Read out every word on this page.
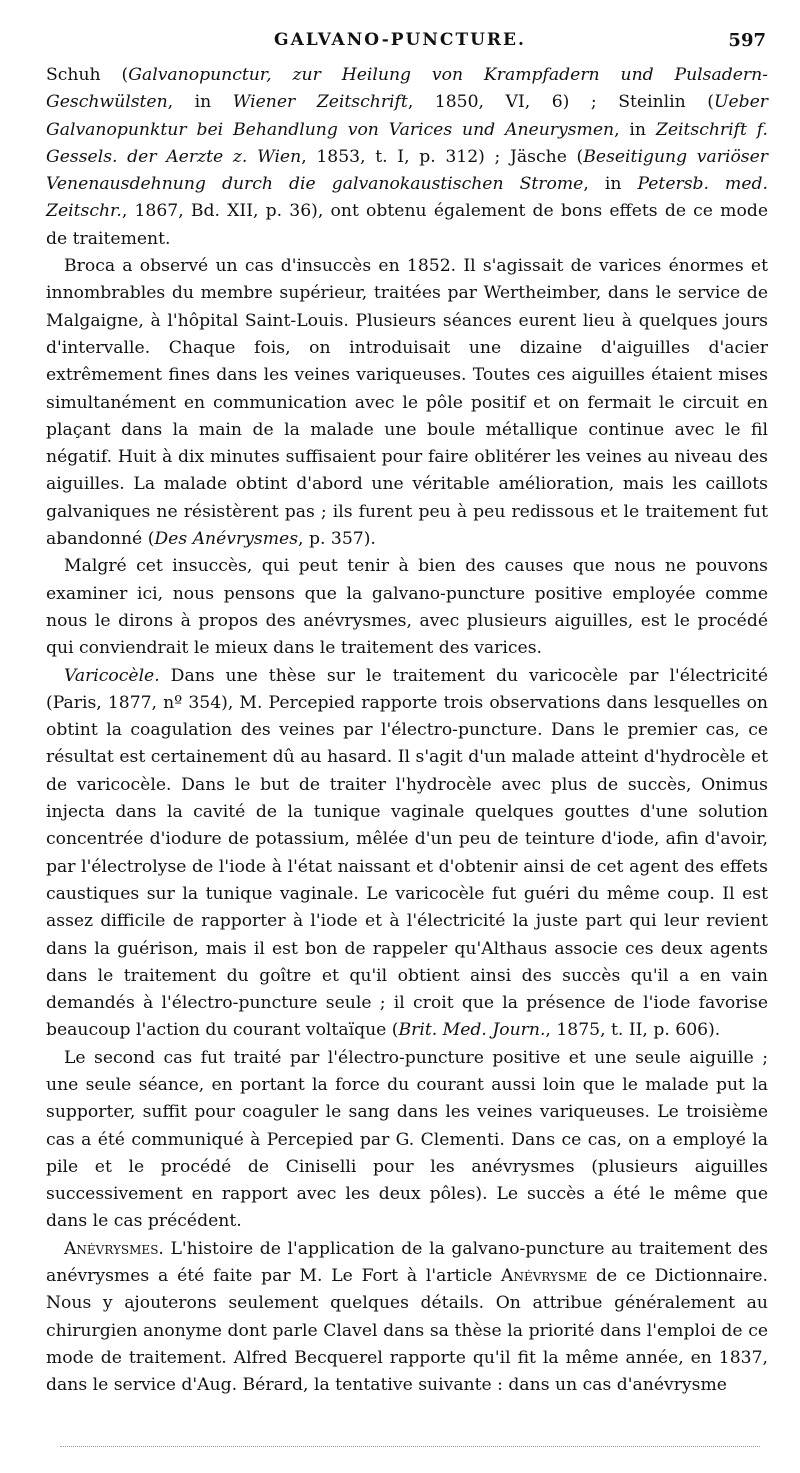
GALVANO-PUNCTURE.	597

Schuh (Galvanopunctur, zur Heilung von Krampfadern und Pulsadern-Geschwülsten, in Wiener Zeitschrift, 1850, VI, 6) ; Steinlin (Ueber Galvanopunktur bei Behandlung von Varices und Aneurysmen, in Zeitschrift f. Gessels. der Aerzte z. Wien, 1853, t. I, p. 312) ; Jäsche (Beseitigung variöser Venenausdehnung durch die galvanokaustischen Strome, in Petersb. med. Zeitschr., 1867, Bd. XII, p. 36), ont obtenu également de bons effets de ce mode de traitement.

Broca a observé un cas d'insuccès en 1852. Il s'agissait de varices énormes et innombrables du membre supérieur, traitées par Wertheimber, dans le service de Malgaigne, à l'hôpital Saint-Louis. Plusieurs séances eurent lieu à quelques jours d'intervalle. Chaque fois, on introduisait une dizaine d'aiguilles d'acier extrêmement fines dans les veines variqueuses. Toutes ces aiguilles étaient mises simultanément en communication avec le pôle positif et on fermait le circuit en plaçant dans la main de la malade une boule métallique continue avec le fil négatif. Huit à dix minutes suffisaient pour faire oblitérer les veines au niveau des aiguilles. La malade obtint d'abord une véritable amélioration, mais les caillots galvaniques ne résistèrent pas ; ils furent peu à peu redissous et le traitement fut abandonné (Des Anévrysmes, p. 357).

Malgré cet insuccès, qui peut tenir à bien des causes que nous ne pouvons examiner ici, nous pensons que la galvano-puncture positive employée comme nous le dirons à propos des anévrysmes, avec plusieurs aiguilles, est le procédé qui conviendrait le mieux dans le traitement des varices.

Varicocèle. Dans une thèse sur le traitement du varicocèle par l'électricité (Paris, 1877, nº 354), M. Percepied rapporte trois observations dans lesquelles on obtint la coagulation des veines par l'électro-puncture. Dans le premier cas, ce résultat est certainement dû au hasard. Il s'agit d'un malade atteint d'hydrocèle et de varicocèle. Dans le but de traiter l'hydrocèle avec plus de succès, Onimus injecta dans la cavité de la tunique vaginale quelques gouttes d'une solution concentrée d'iodure de potassium, mêlée d'un peu de teinture d'iode, afin d'avoir, par l'électrolyse de l'iode à l'état naissant et d'obtenir ainsi de cet agent des effets caustiques sur la tunique vaginale. Le varicocèle fut guéri du même coup. Il est assez difficile de rapporter à l'iode et à l'électricité la juste part qui leur revient dans la guérison, mais il est bon de rappeler qu'Althaus associe ces deux agents dans le traitement du goître et qu'il obtient ainsi des succès qu'il a en vain demandés à l'électro-puncture seule ; il croit que la présence de l'iode favorise beaucoup l'action du courant voltaïque (Brit. Med. Journ., 1875, t. II, p. 606).

Le second cas fut traité par l'électro-puncture positive et une seule aiguille ; une seule séance, en portant la force du courant aussi loin que le malade put la supporter, suffit pour coaguler le sang dans les veines variqueuses. Le troisième cas a été communiqué à Percepied par G. Clementi. Dans ce cas, on a employé la pile et le procédé de Ciniselli pour les anévrysmes (plusieurs aiguilles successivement en rapport avec les deux pôles). Le succès a été le même que dans le cas précédent.

Anévrysmes. L'histoire de l'application de la galvano-puncture au traitement des anévrysmes a été faite par M. Le Fort à l'article Anévrysme de ce Dictionnaire. Nous y ajouterons seulement quelques détails. On attribue généralement au chirurgien anonyme dont parle Clavel dans sa thèse la priorité dans l'emploi de ce mode de traitement. Alfred Becquerel rapporte qu'il fit la même année, en 1837, dans le service d'Aug. Bérard, la tentative suivante : dans un cas d'anévrysme
